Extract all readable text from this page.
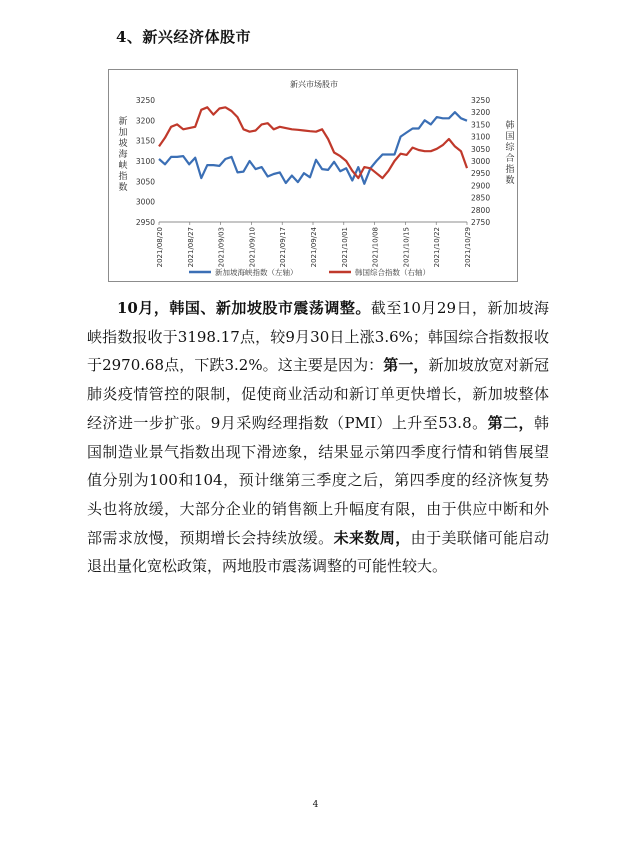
4、新兴经济体股市
新兴市场股市
2950
3000
3050
3100
3150
3200
3250
2750
2800
2850
2900
2950
3000
3050
3100
3150
3200
3250
2021/08/20	2021/08/27	2021/09/03	2021/09/10	2021/09/17	2021/09/24	2021/10/01	2021/10/08	2021/10/15	2021/10/22	2021/10/29
新
加
坡
海
峡
指
数
韩
国
综
合
指
数
新加坡海峡指数（左轴）	韩国综合指数（右轴）

10月，韩国、新加坡股市震荡调整。截至10月29日，新加坡海峡指数报收于3198.17点，较9月30日上涨3.6%；韩国综合指数报收于2970.68点，下跌3.2%。这主要是因为：第一，新加坡放宽对新冠肺炎疫情管控的限制，促使商业活动和新订单更快增长，新加坡整体经济进一步扩张。9月采购经理指数（PMI）上升至53.8。第二，韩国制造业景气指数出现下滑迹象，结果显示第四季度行情和销售展望值分别为100和104，预计继第三季度之后，第四季度的经济恢复势头也将放缓，大部分企业的销售额上升幅度有限，由于供应中断和外部需求放慢，预期增长会持续放缓。未来数周，由于美联储可能启动退出量化宽松政策，两地股市震荡调整的可能性较大。

4
